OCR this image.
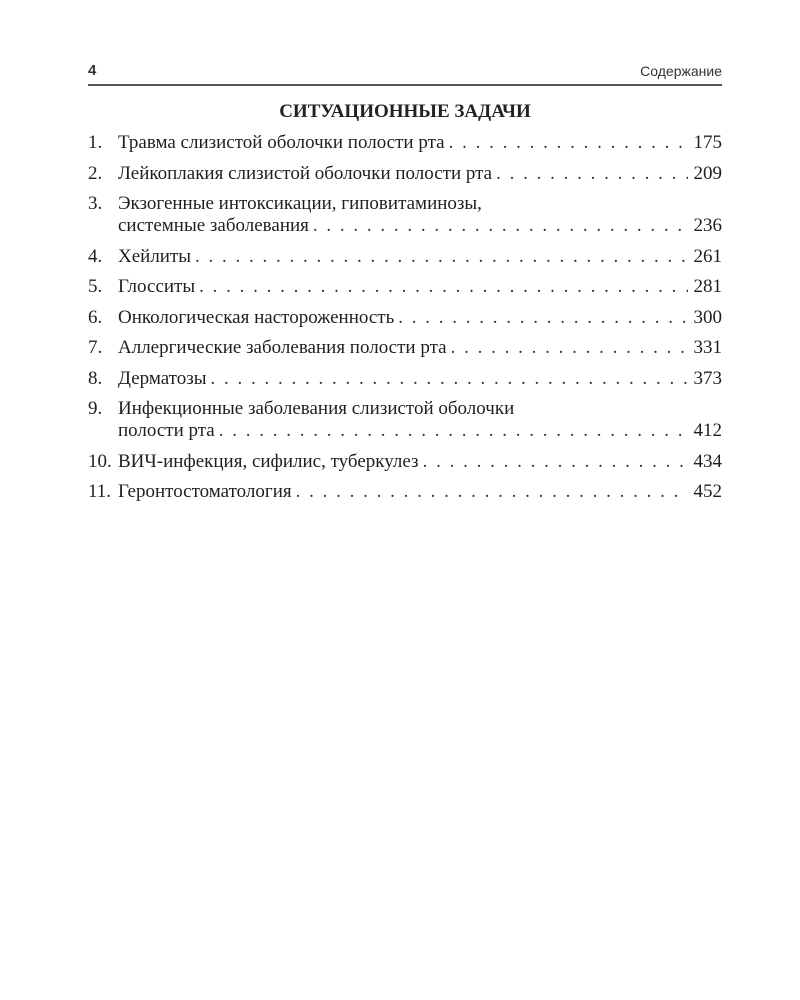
4	Содержание
СИТУАЦИОННЫЕ ЗАДАЧИ
1. Травма слизистой оболочки полости рта . . .	175
2. Лейкоплакия слизистой оболочки полости рта . . .	209
3. Экзогенные интоксикации, гиповитаминозы,
системные заболевания . . .	236
4. Хейлиты . . .	261
5. Глосситы . . .	281
6. Онкологическая настороженность . . .	300
7. Аллергические заболевания полости рта . . .	331
8. Дерматозы . . .	373
9. Инфекционные заболевания слизистой оболочки
полости рта . . .	412
10. ВИЧ-инфекция, сифилис, туберкулез . . .	434
11. Геронтостоматология . . .	452
